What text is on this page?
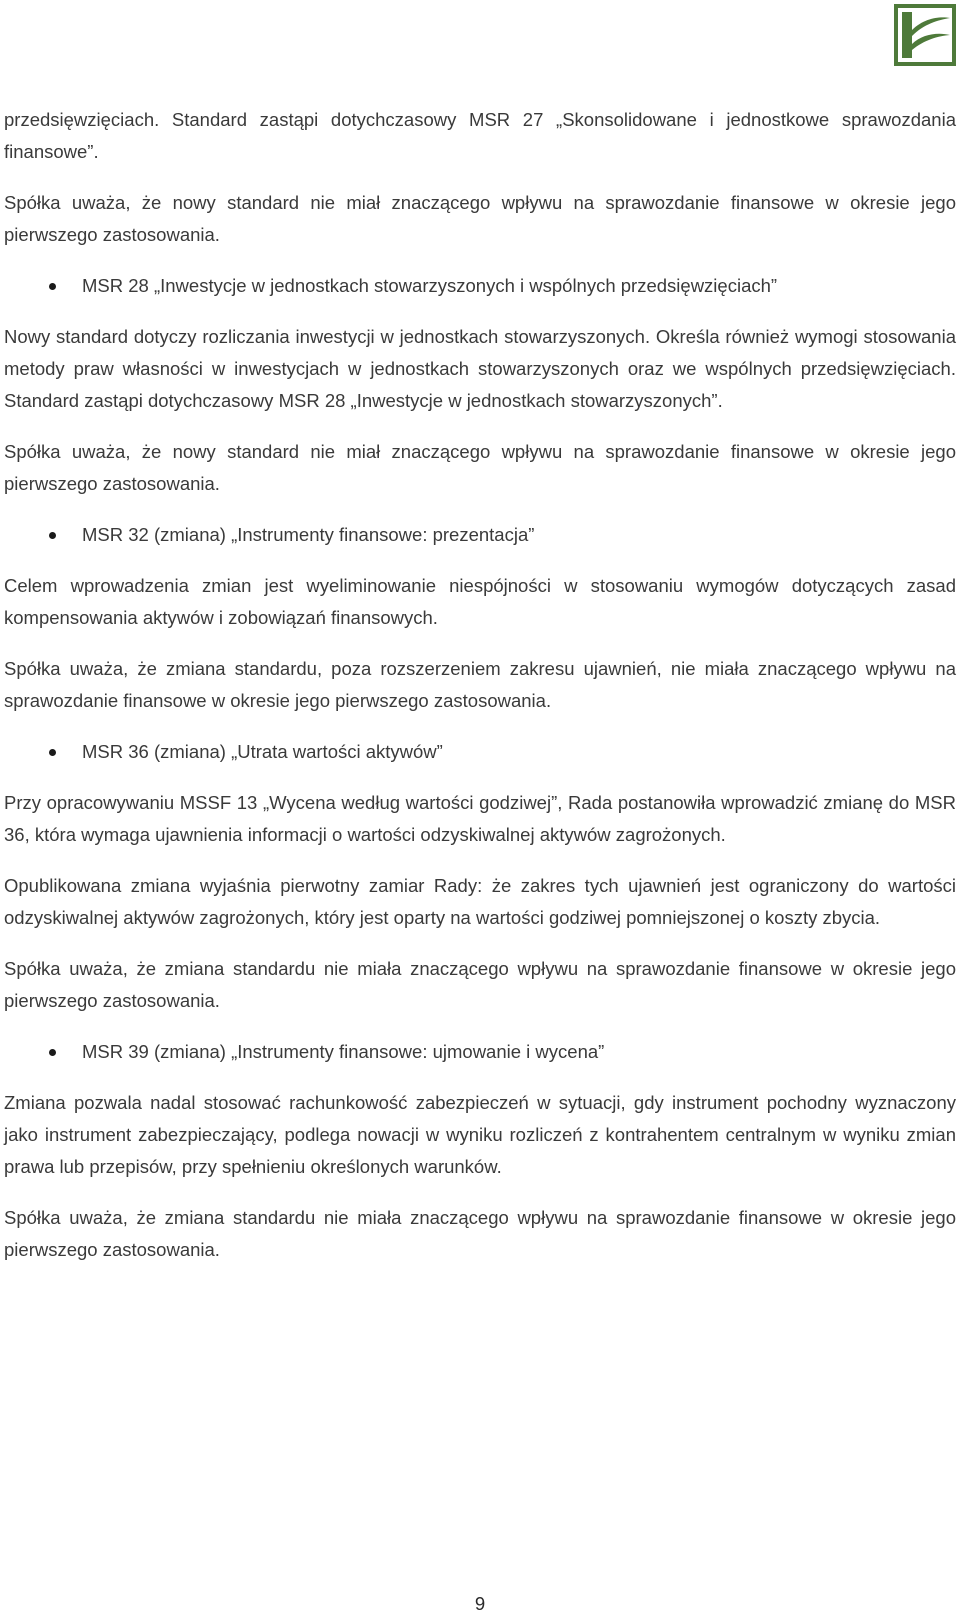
przedsięwzięciach. Standard zastąpi dotychczasowy MSR 27 „Skonsolidowane i jednostkowe sprawozdania finansowe”.

Spółka uważa, że nowy standard nie miał znaczącego wpływu na sprawozdanie finansowe w okresie jego pierwszego zastosowania.

MSR 28 „Inwestycje w jednostkach stowarzyszonych i wspólnych przedsięwzięciach”

Nowy standard dotyczy rozliczania inwestycji w jednostkach stowarzyszonych. Określa również wymogi stosowania metody praw własności w inwestycjach w jednostkach stowarzyszonych oraz we wspólnych przedsięwzięciach. Standard zastąpi dotychczasowy MSR 28 „Inwestycje w jednostkach stowarzyszonych”.

Spółka uważa, że nowy standard nie miał znaczącego wpływu na sprawozdanie finansowe w okresie jego pierwszego zastosowania.

MSR 32 (zmiana) „Instrumenty finansowe: prezentacja”

Celem wprowadzenia zmian jest wyeliminowanie niespójności w stosowaniu wymogów dotyczących zasad kompensowania aktywów i zobowiązań finansowych.

Spółka uważa, że zmiana standardu, poza rozszerzeniem zakresu ujawnień, nie miała znaczącego wpływu na sprawozdanie finansowe w okresie jego pierwszego zastosowania.

MSR 36 (zmiana) „Utrata wartości aktywów”

Przy opracowywaniu MSSF 13 „Wycena według wartości godziwej”, Rada postanowiła wprowadzić zmianę do MSR 36, która wymaga ujawnienia informacji o wartości odzyskiwalnej aktywów zagrożonych.

Opublikowana zmiana wyjaśnia pierwotny zamiar Rady: że zakres tych ujawnień jest ograniczony do wartości odzyskiwalnej aktywów zagrożonych, który jest oparty na wartości godziwej pomniejszonej o koszty zbycia.

Spółka uważa, że zmiana standardu nie miała znaczącego wpływu na sprawozdanie finansowe w okresie jego pierwszego zastosowania.

MSR 39 (zmiana) „Instrumenty finansowe: ujmowanie i wycena”

Zmiana pozwala nadal stosować rachunkowość zabezpieczeń w sytuacji, gdy instrument pochodny wyznaczony jako instrument zabezpieczający, podlega nowacji w wyniku rozliczeń z kontrahentem centralnym w wyniku zmian prawa lub przepisów, przy spełnieniu określonych warunków.

Spółka uważa, że zmiana standardu nie miała znaczącego wpływu na sprawozdanie finansowe w okresie jego pierwszego zastosowania.

9
